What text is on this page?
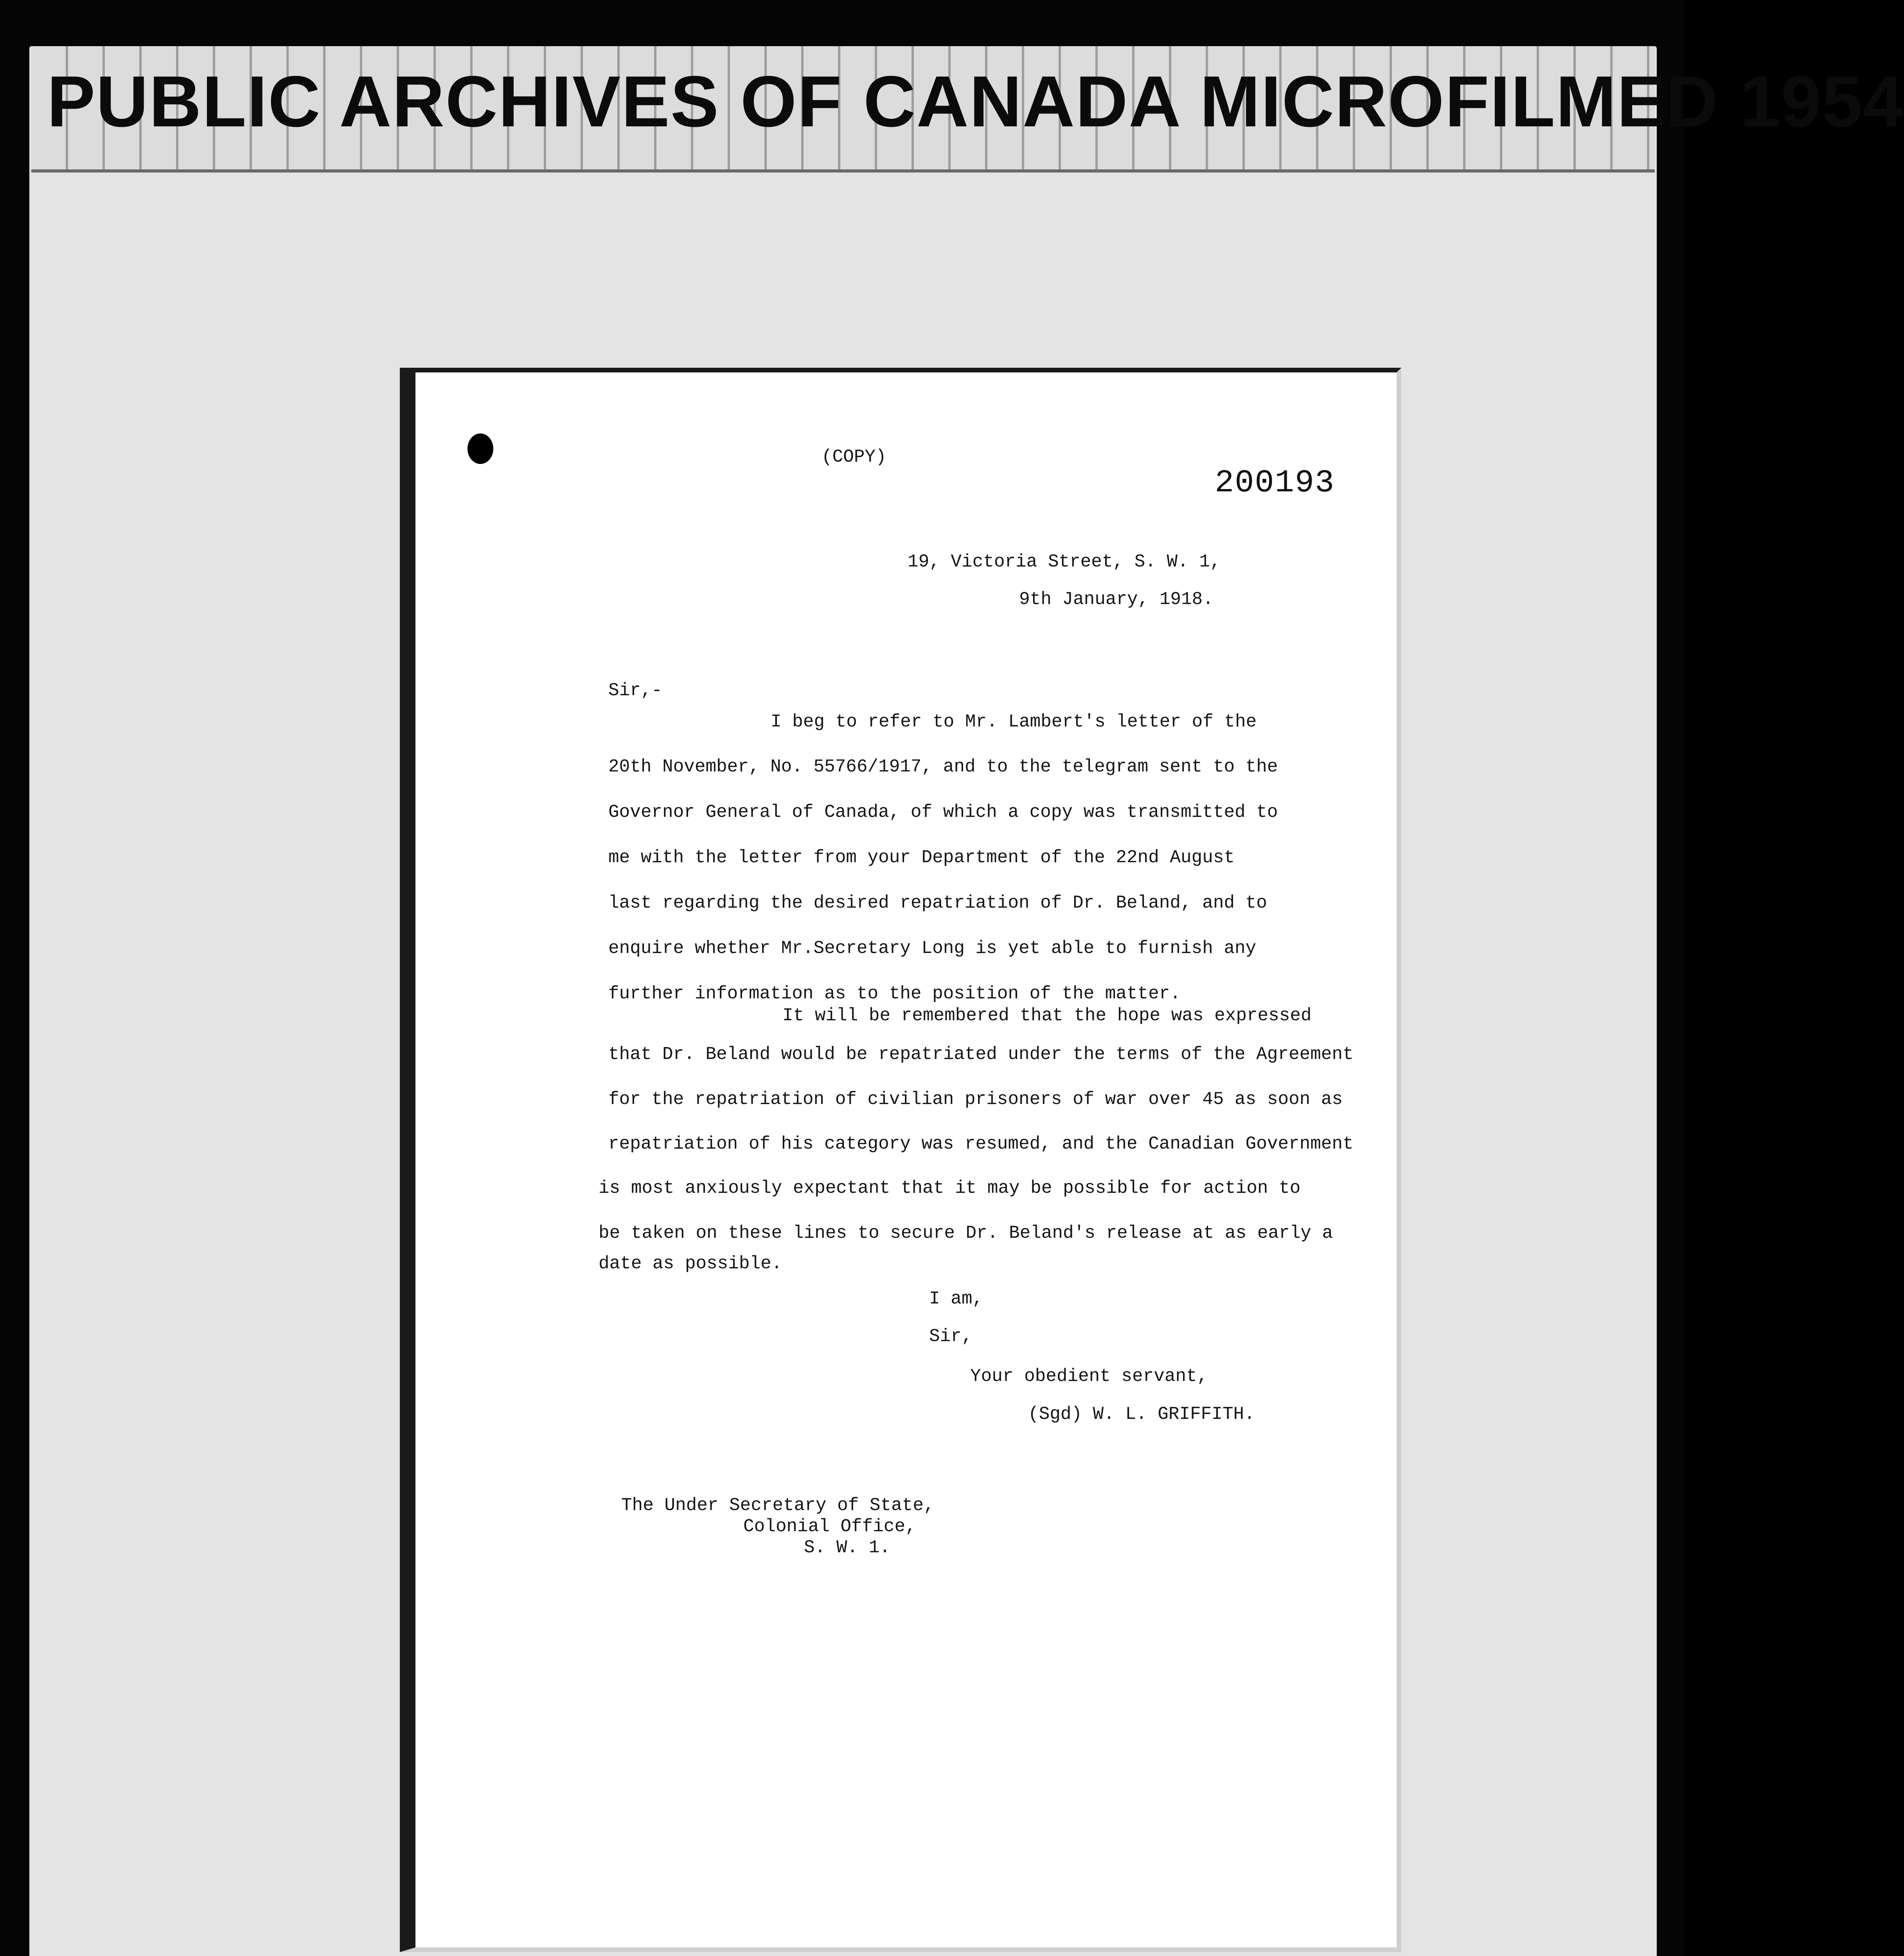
PUBLIC ARCHIVES OF CANADA MICROFILMED 1954
(COPY)
200193
19, Victoria Street, S. W. 1,
9th January, 1918.
Sir,-
I beg to refer to Mr. Lambert's letter of the
20th November, No. 55766/1917, and to the telegram sent to the
Governor General of Canada, of which a copy was transmitted to
me with the letter from your Department of the 22nd August
last regarding the desired repatriation of Dr. Beland, and to
enquire whether Mr.Secretary Long is yet able to furnish any
further information as to the position of the matter.
It will be remembered that the hope was expressed
that Dr. Beland would be repatriated under the terms of the Agreement
for the repatriation of civilian prisoners of war over 45 as soon as
repatriation of his category was resumed, and the Canadian Government
is most anxiously expectant that it may be possible for action to
be taken on these lines to secure Dr. Beland's release at as early a
date as possible.
I am,
Sir,
Your obedient servant,
(Sgd) W. L. GRIFFITH.
The Under Secretary of State,
Colonial Office,
S. W. 1.
